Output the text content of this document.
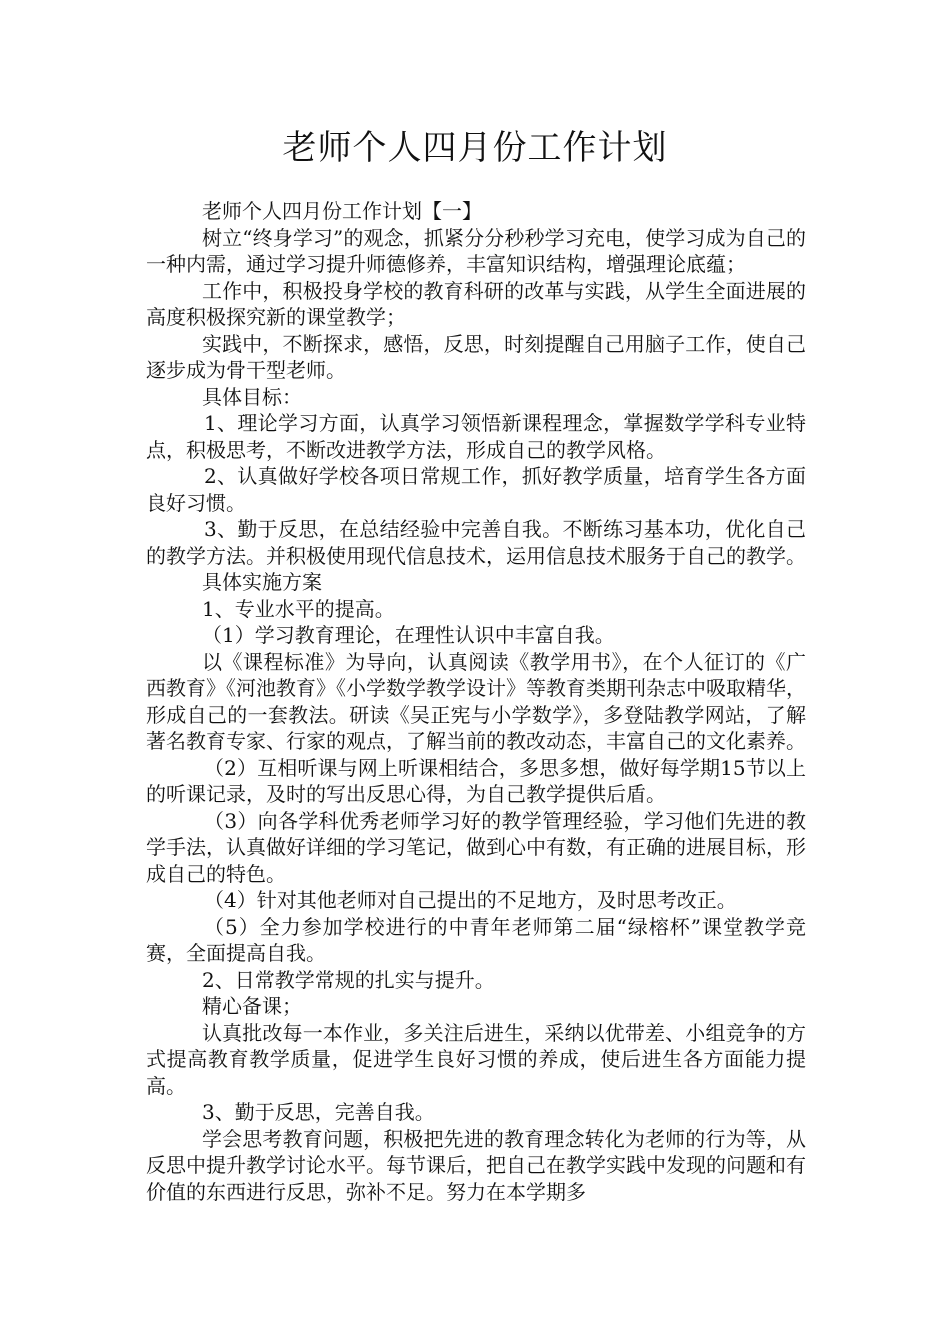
老师个人四月份工作计划

老师个人四月份工作计划【一】

树立“终身学习”的观念，抓紧分分秒秒学习充电，使学习成为自己的一种内需，通过学习提升师德修养，丰富知识结构，增强理论底蕴；

工作中，积极投身学校的教育科研的改革与实践，从学生全面进展的高度积极探究新的课堂教学；

实践中，不断探求，感悟，反思，时刻提醒自己用脑子工作，使自己逐步成为骨干型老师。

具体目标：

1、理论学习方面，认真学习领悟新课程理念，掌握数学学科专业特点，积极思考，不断改进教学方法，形成自己的教学风格。

2、认真做好学校各项日常规工作，抓好教学质量，培育学生各方面良好习惯。

3、勤于反思，在总结经验中完善自我。不断练习基本功，优化自己的教学方法。并积极使用现代信息技术，运用信息技术服务于自己的教学。

具体实施方案

1、专业水平的提高。

（1）学习教育理论，在理性认识中丰富自我。

以《课程标准》为导向，认真阅读《教学用书》，在个人征订的《广西教育》《河池教育》《小学数学教学设计》等教育类期刊杂志中吸取精华，形成自己的一套教法。研读《吴正宪与小学数学》，多登陆教学网站，了解著名教育专家、行家的观点，了解当前的教改动态，丰富自己的文化素养。

（2）互相听课与网上听课相结合，多思多想，做好每学期15节以上的听课记录，及时的写出反思心得，为自己教学提供后盾。

（3）向各学科优秀老师学习好的教学管理经验，学习他们先进的教学手法，认真做好详细的学习笔记，做到心中有数，有正确的进展目标，形成自己的特色。

（4）针对其他老师对自己提出的不足地方，及时思考改正。

（5）全力参加学校进行的中青年老师第二届“绿榕杯”课堂教学竞赛，全面提高自我。

2、日常教学常规的扎实与提升。

精心备课；

认真批改每一本作业，多关注后进生，采纳以优带差、小组竞争的方式提高教育教学质量，促进学生良好习惯的养成，使后进生各方面能力提高。

3、勤于反思，完善自我。

学会思考教育问题，积极把先进的教育理念转化为老师的行为等，从反思中提升教学讨论水平。每节课后，把自己在教学实践中发现的问题和有价值的东西进行反思，弥补不足。努力在本学期多
